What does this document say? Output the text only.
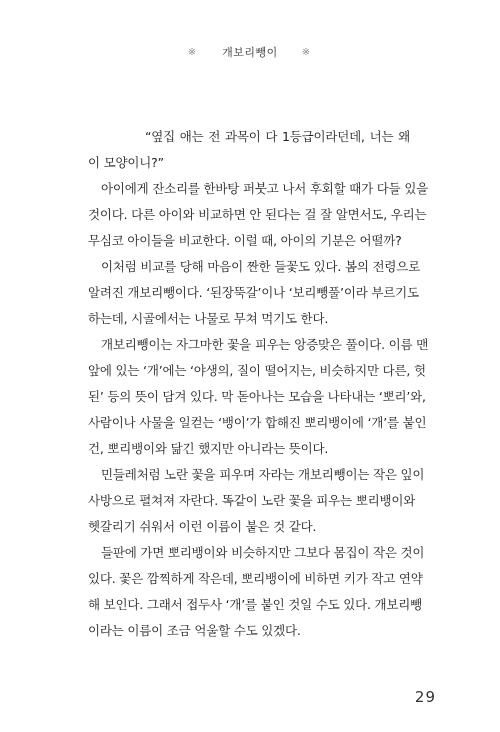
※	개보리뺑이	※
“옆집 애는 전 과목이 다 1등급이라던데, 너는 왜
이 모양이니?”
아이에게 잔소리를 한바탕 퍼붓고 나서 후회할 때가 다들 있을
것이다. 다른 아이와 비교하면 안 된다는 걸 잘 알면서도, 우리는
무심코 아이들을 비교한다. 이럴 때, 아이의 기분은 어떨까?
이처럼 비교를 당해 마음이 짠한 들꽃도 있다. 봄의 전령으로
알려진 개보리뺑이다. ‘된장뚝갈’이나 ‘보리뺑풀’이라 부르기도
하는데, 시골에서는 나물로 무쳐 먹기도 한다.
개보리뺑이는 자그마한 꽃을 피우는 앙증맞은 풀이다. 이름 맨
앞에 있는 ‘개’에는 ‘야생의, 질이 떨어지는, 비슷하지만 다른, 헛
된’ 등의 뜻이 담겨 있다. 막 돋아나는 모습을 나타내는 ‘뽀리’와,
사람이나 사물을 일컫는 ‘뱅이’가 합해진 뽀리뱅이에 ‘개’를 붙인
건, 뽀리뱅이와 닮긴 했지만 아니라는 뜻이다.
민들레처럼 노란 꽃을 피우며 자라는 개보리뺑이는 작은 잎이
사방으로 펼쳐져 자란다. 똑같이 노란 꽃을 피우는 뽀리뱅이와
헷갈리기 쉬워서 이런 이름이 붙은 것 같다.
들판에 가면 뽀리뱅이와 비슷하지만 그보다 몸집이 작은 것이
있다. 꽃은 깜찍하게 작은데, 뽀리뱅이에 비하면 키가 작고 연약
해 보인다. 그래서 접두사 ‘개’를 붙인 것일 수도 있다. 개보리뺑
이라는 이름이 조금 억울할 수도 있겠다.
29
